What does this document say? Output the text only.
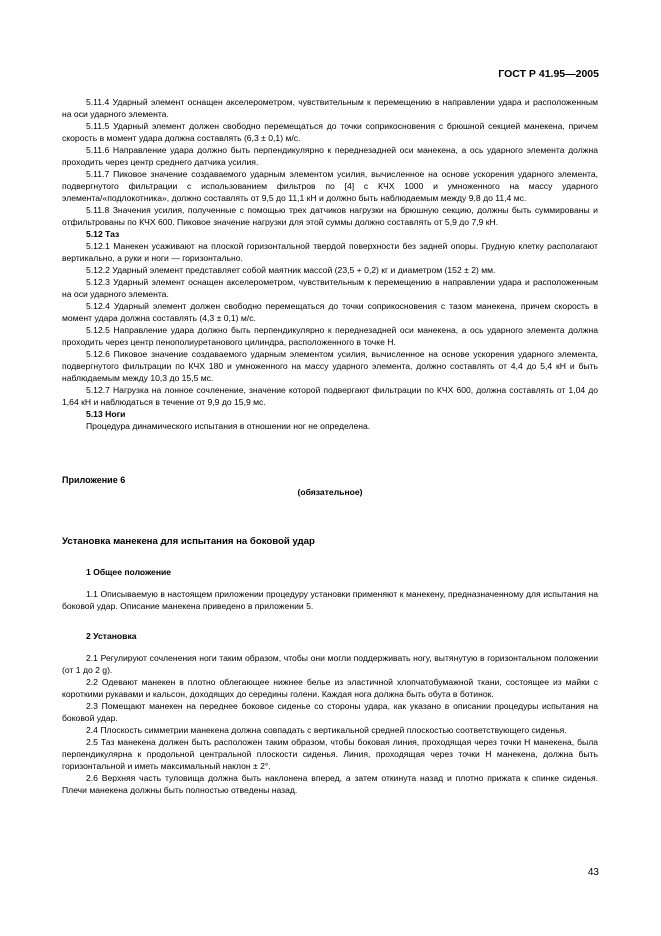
ГОСТ Р 41.95—2005

5.11.4 Ударный элемент оснащен акселерометром, чувствительным к перемещению в направлении удара и расположенным на оси ударного элемента.

5.11.5 Ударный элемент должен свободно перемещаться до точки соприкосновения с брюшной секцией манекена, причем скорость в момент удара должна составлять (6,3 ± 0,1) м/с.

5.11.6 Направление удара должно быть перпендикулярно к переднезадней оси манекена, а ось ударного элемента должна проходить через центр среднего датчика усилия.

5.11.7 Пиковое значение создаваемого ударным элементом усилия, вычисленное на основе ускорения ударного элемента, подвергнутого фильтрации с использованием фильтров по [4] с КЧХ 1000 и умноженного на массу ударного элемента/«подлокотника», должно составлять от 9,5 до 11,1 кН и должно быть наблюдаемым между 9,8 до 11,4 мс.

5.11.8 Значения усилия, полученные с помощью трех датчиков нагрузки на брюшную секцию, должны быть суммированы и отфильтрованы по КЧХ 600. Пиковое значение нагрузки для этой суммы должно составлять от 5,9 до 7,9 кН.

5.12 Таз

5.12.1 Манекен усаживают на плоской горизонтальной твердой поверхности без задней опоры. Грудную клетку располагают вертикально, а руки и ноги — горизонтально.

5.12.2 Ударный элемент представляет собой маятник массой (23,5 + 0,2) кг и диаметром (152 ± 2) мм.

5.12.3 Ударный элемент оснащен акселерометром, чувствительным к перемещению в направлении удара и расположенным на оси ударного элемента.

5.12.4 Ударный элемент должен свободно перемещаться до точки соприкосновения с тазом манекена, причем скорость в момент удара должна составлять (4,3 ± 0,1) м/с.

5.12.5 Направление удара должно быть перпендикулярно к переднезадней оси манекена, а ось ударного элемента должна проходить через центр пенополиуретанового цилиндра, расположенного в точке H.

5.12.6 Пиковое значение создаваемого ударным элементом усилия, вычисленное на основе ускорения ударного элемента, подвергнутого фильтрации по КЧХ 180 и умноженного на массу ударного элемента, должно составлять от 4,4 до 5,4 кН и быть наблюдаемым между 10,3 до 15,5 мс.

5.12.7 Нагрузка на лонное сочленение, значение которой подвергают фильтрации по КЧХ 600, должна составлять от 1,04 до 1,64 кН и наблюдаться в течение от 9,9 до 15,9 мс.

5.13 Ноги

Процедура динамического испытания в отношении ног не определена.

Приложение 6

(обязательное)

Установка манекена для испытания на боковой удар

1 Общее положение

1.1 Описываемую в настоящем приложении процедуру установки применяют к манекену, предназначенному для испытания на боковой удар. Описание манекена приведено в приложении 5.

2 Установка

2.1 Регулируют сочленения ноги таким образом, чтобы они могли поддерживать ногу, вытянутую в горизонтальном положении (от 1 до 2 g).

2.2 Одевают манекен в плотно облегающее нижнее белье из эластичной хлопчатобумажной ткани, состоящее из майки с короткими рукавами и кальсон, доходящих до середины голени. Каждая нога должна быть обута в ботинок.

2.3 Помещают манекен на переднее боковое сиденье со стороны удара, как указано в описании процедуры испытания на боковой удар.

2.4 Плоскость симметрии манекена должна совпадать с вертикальной средней плоскостью соответствующего сиденья.

2.5 Таз манекена должен быть расположен таким образом, чтобы боковая линия, проходящая через точки H манекена, была перпендикулярна к продольной центральной плоскости сиденья. Линия, проходящая через точки H манекена, должна быть горизонтальной и иметь максимальный наклон ± 2°.

2.6 Верхняя часть туловища должна быть наклонена вперед, а затем откинута назад и плотно прижата к спинке сиденья. Плечи манекена должны быть полностью отведены назад.

43
